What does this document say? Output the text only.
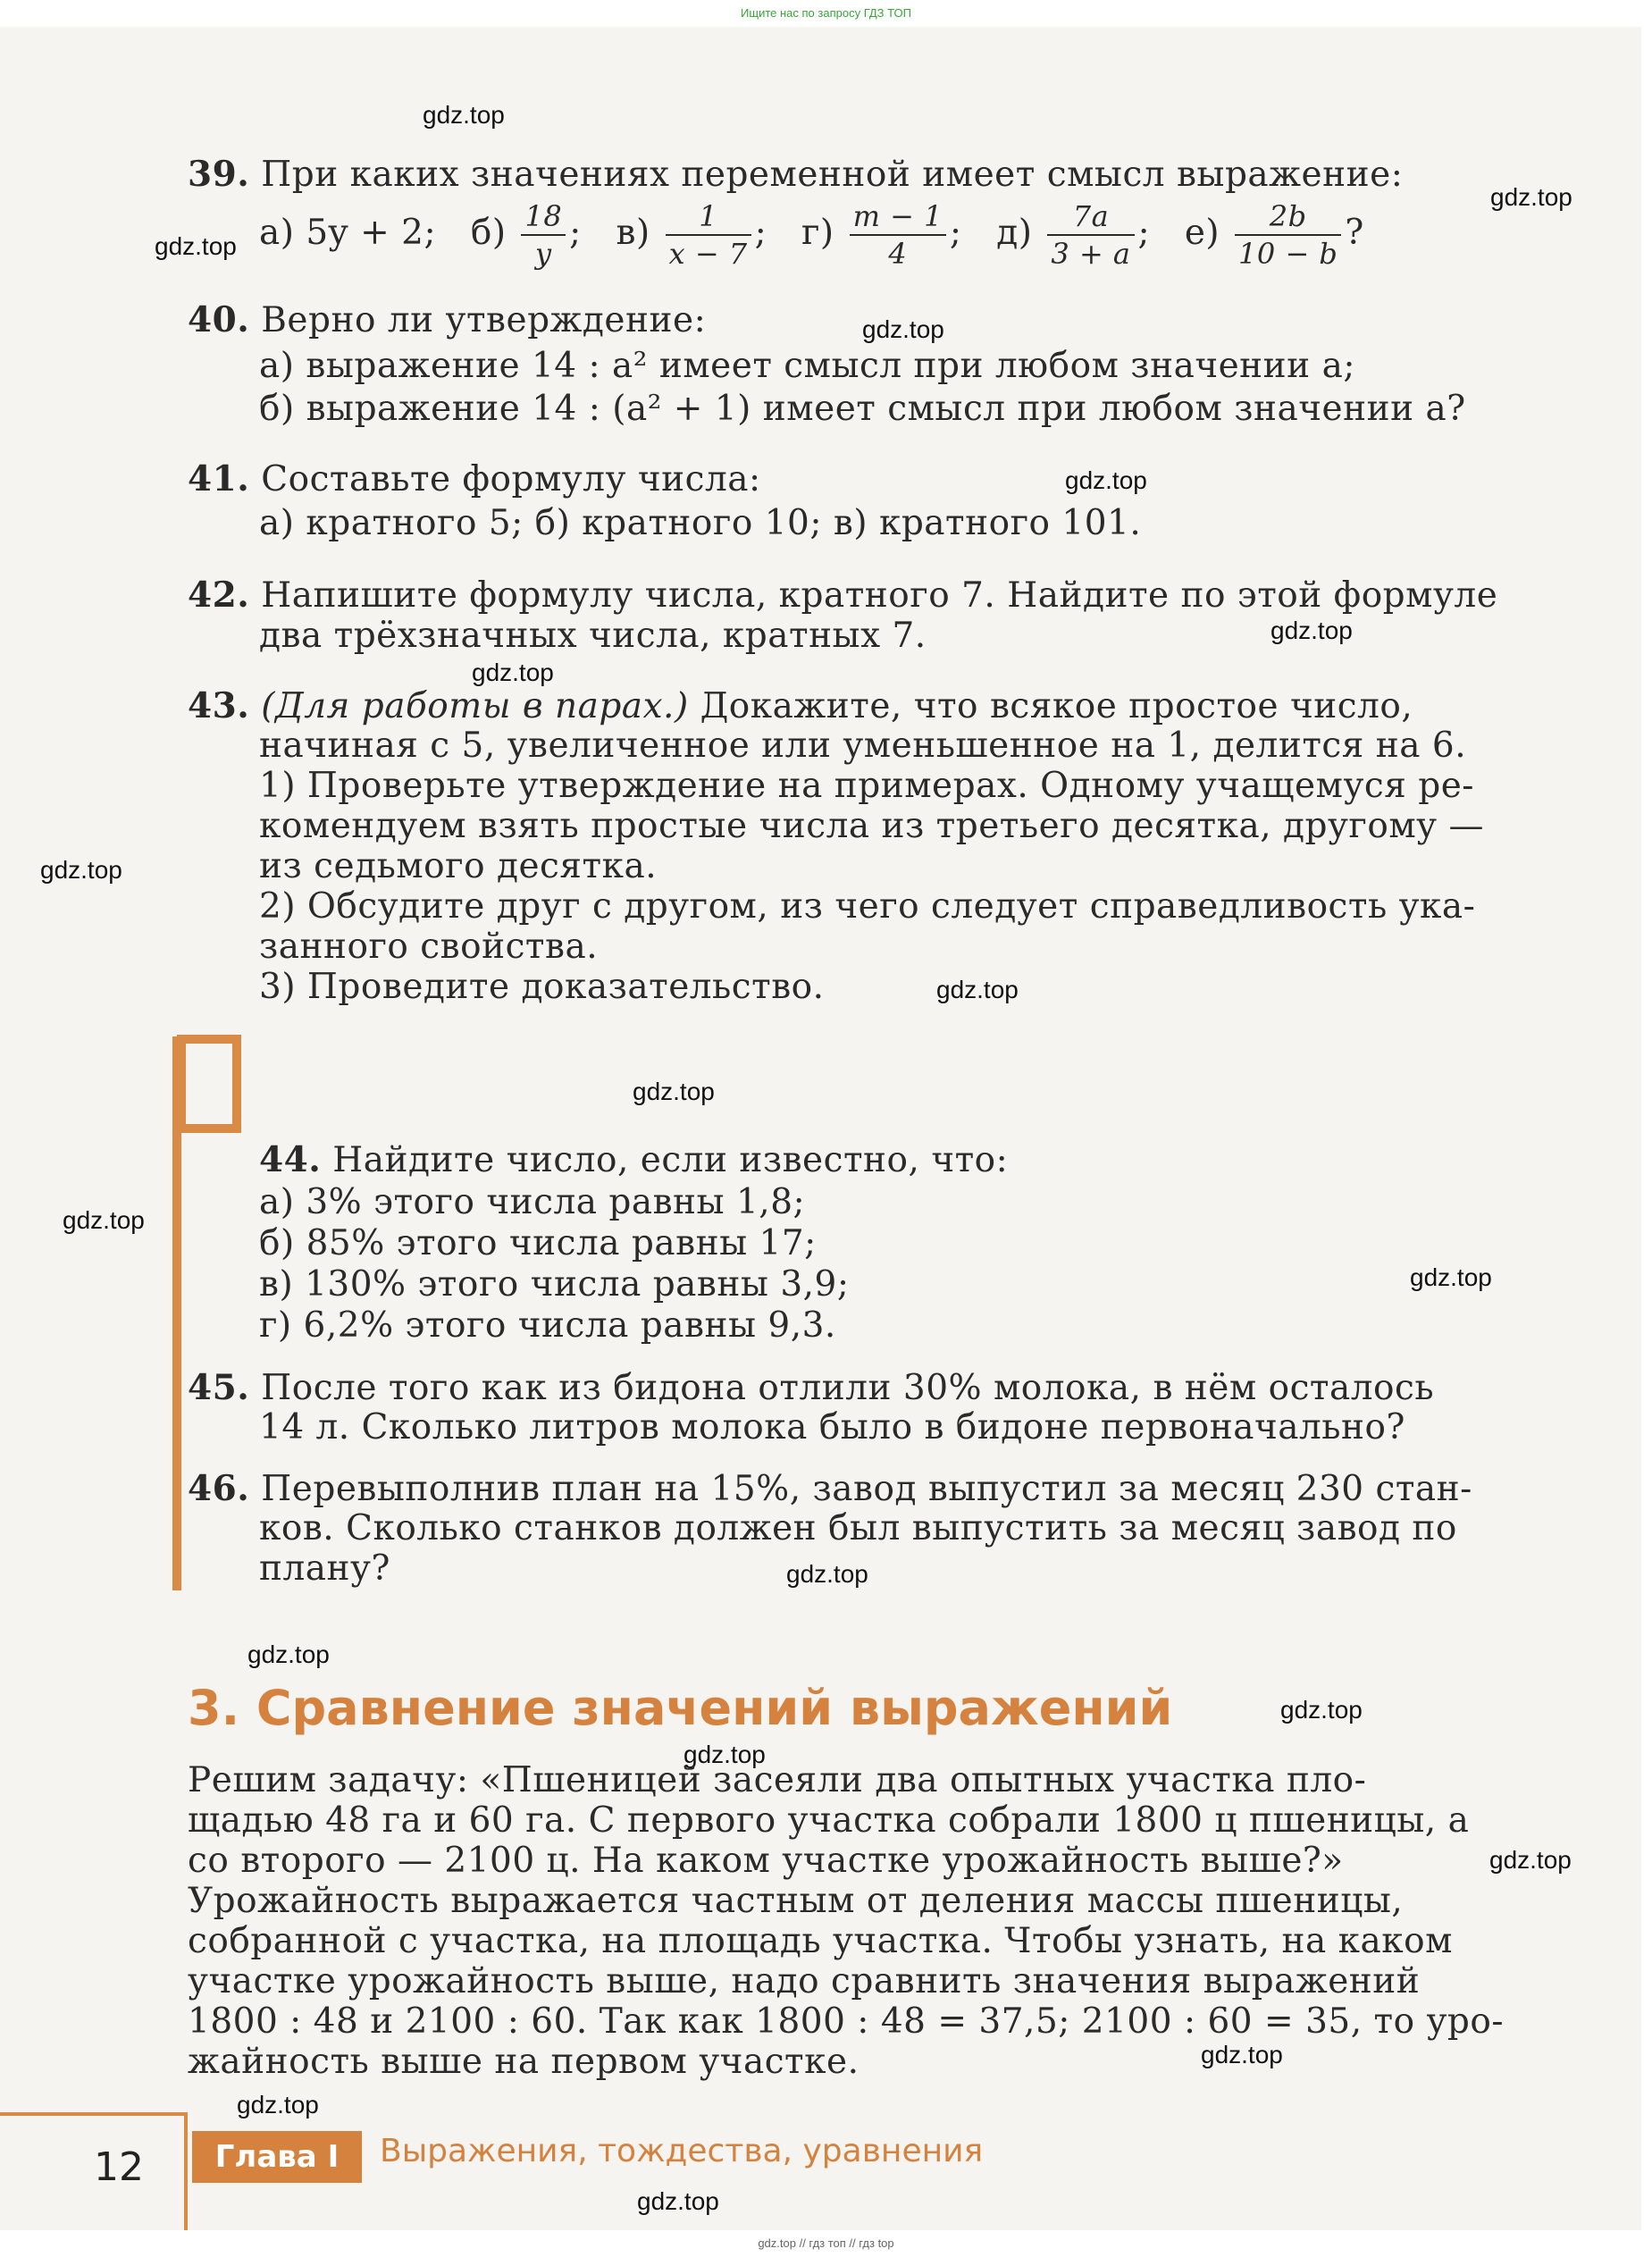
Ищите нас по запросу ГДЗ ТОП
gdz.top
gdz.top
gdz.top
gdz.top
gdz.top
gdz.top
gdz.top
gdz.top
gdz.top
gdz.top
gdz.top
gdz.top
gdz.top
gdz.top
gdz.top
gdz.top
gdz.top
gdz.top
gdz.top
gdz.top
39. При каких значениях переменной имеет смысл выражение:
а) 5y + 2; $б) \frac{18}{y}$ ;   $в) \frac{1}{x - 7}$ ;   $г) \frac{m - 1}{4}$ ;   $д) \frac{7a}{3 + a}$ ;   $е) \frac{2b}{10 - b}$ ?
40. Верно ли утверждение:
а) выражение 14 : a² имеет смысл при любом значении a;
б) выражение 14 : (a² + 1) имеет смысл при любом значении a?
41. Составьте формулу числа:
а) кратного 5; б) кратного 10; в) кратного 101.
42. Напишите формулу числа, кратного 7. Найдите по этой формуле
два трёхзначных числа, кратных 7.
43. (Для работы в парах.) Докажите, что всякое простое число,
начиная с 5, увеличенное или уменьшенное на 1, делится на 6.
1) Проверьте утверждение на примерах. Одному учащемуся ре-
комендуем взять простые числа из третьего десятка, другому —
из седьмого десятка.
2) Обсудите друг с другом, из чего следует справедливость ука-
занного свойства.
3) Проведите доказательство.
44. Найдите число, если известно, что:
а) 3% этого числа равны 1,8;
б) 85% этого числа равны 17;
в) 130% этого числа равны 3,9;
г) 6,2% этого числа равны 9,3.
45. После того как из бидона отлили 30% молока, в нём осталось
14 л. Сколько литров молока было в бидоне первоначально?
46. Перевыполнив план на 15%, завод выпустил за месяц 230 стан-
ков. Сколько станков должен был выпустить за месяц завод по
плану?
3. Сравнение значений выражений
Решим задачу: «Пшеницей засеяли два опытных участка пло-
щадью 48 га и 60 га. С первого участка собрали 1800 ц пшеницы, а
со второго — 2100 ц. На каком участке урожайность выше?»
Урожайность выражается частным от деления массы пшеницы,
собранной с участка, на площадь участка. Чтобы узнать, на каком
участке урожайность выше, надо сравнить значения выражений
1800 : 48 и 2100 : 60. Так как 1800 : 48 = 37,5; 2100 : 60 = 35, то уро-
жайность выше на первом участке.
12	Глава I	Выражения, тождества, уравнения
gdz.top // гдз топ // гдз top
